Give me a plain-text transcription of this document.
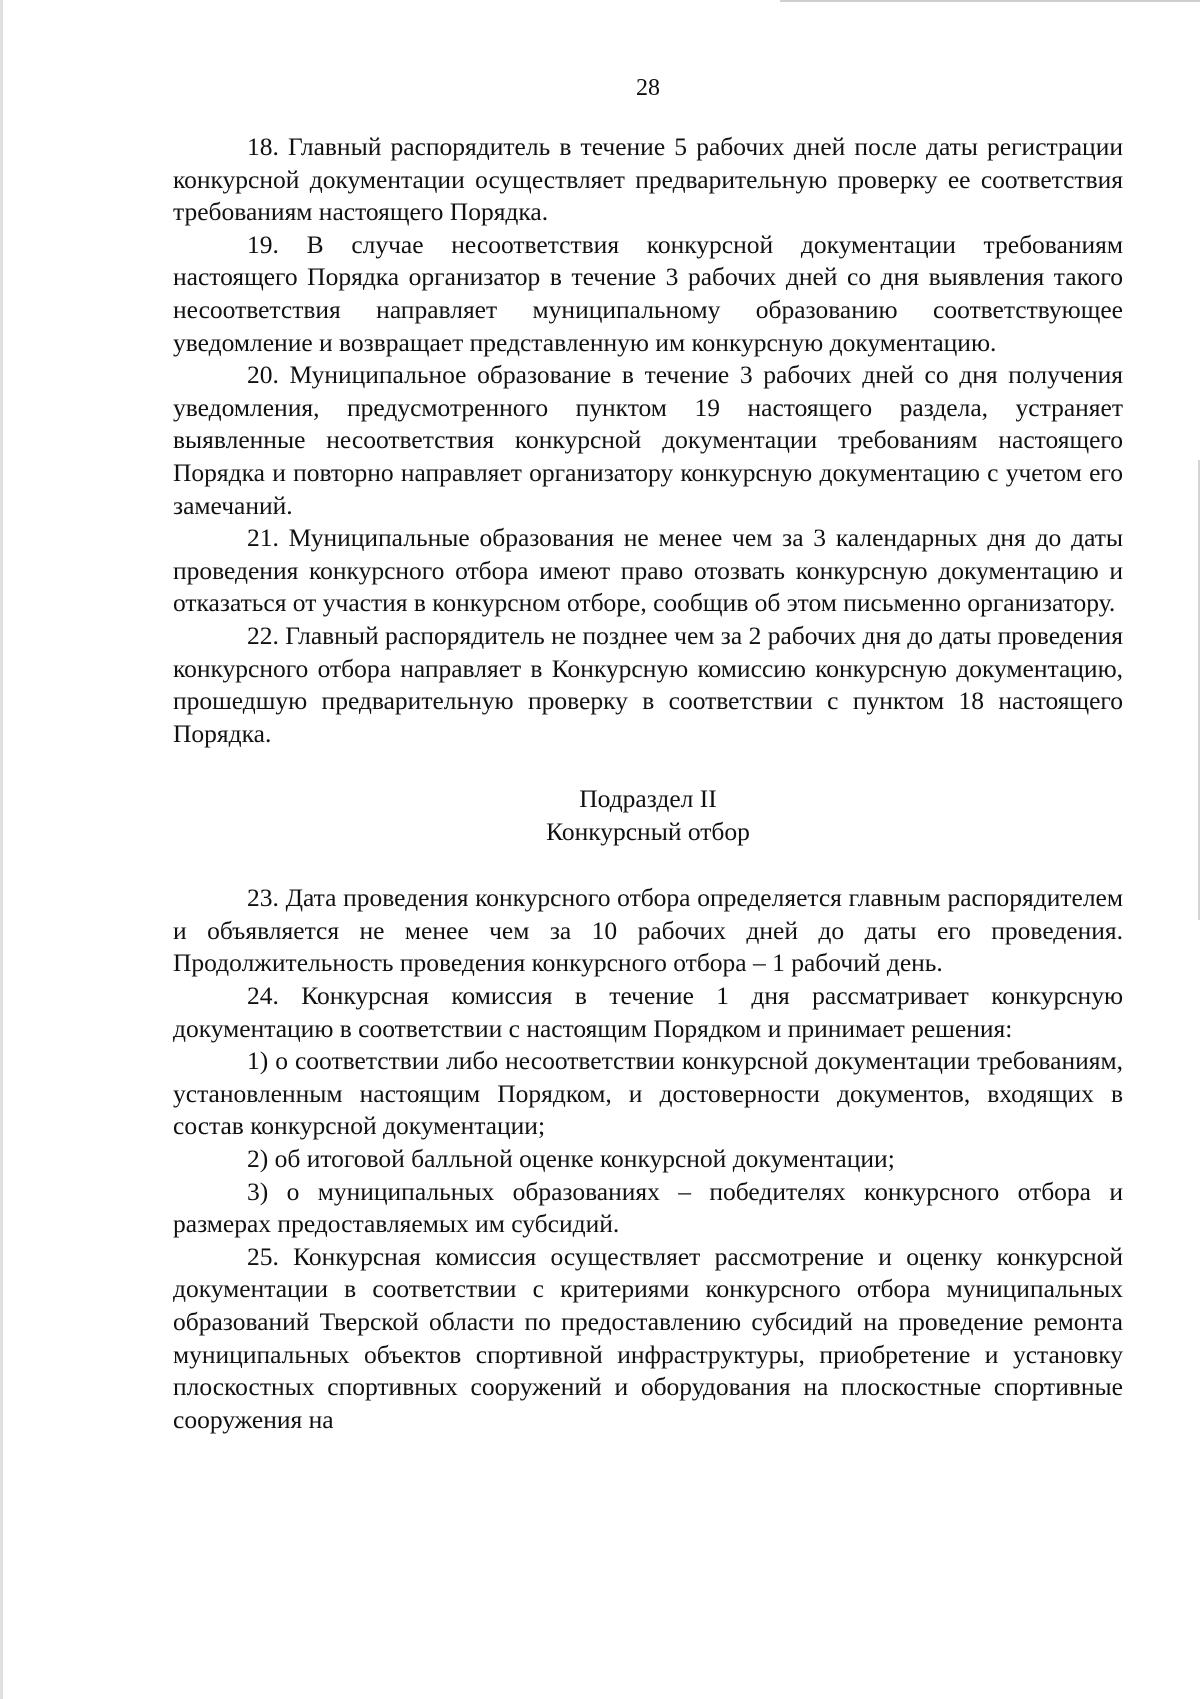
28

18. Главный распорядитель в течение 5 рабочих дней после даты регистрации конкурсной документации осуществляет предварительную проверку ее соответствия требованиям настоящего Порядка.

19. В случае несоответствия конкурсной документации требованиям настоящего Порядка организатор в течение 3 рабочих дней со дня выявления такого несоответствия направляет муниципальному образованию соответствующее уведомление и возвращает представленную им конкурсную документацию.

20. Муниципальное образование в течение 3 рабочих дней со дня получения уведомления, предусмотренного пунктом 19 настоящего раздела, устраняет выявленные несоответствия конкурсной документации требованиям настоящего Порядка и повторно направляет организатору конкурсную документацию с учетом его замечаний.

21. Муниципальные образования не менее чем за 3 календарных дня до даты проведения конкурсного отбора имеют право отозвать конкурсную документацию и отказаться от участия в конкурсном отборе, сообщив об этом письменно организатору.

22. Главный распорядитель не позднее чем за 2 рабочих дня до даты проведения конкурсного отбора направляет в Конкурсную комиссию конкурсную документацию, прошедшую предварительную проверку в соответствии с пунктом 18 настоящего Порядка.

Подраздел II

Конкурсный отбор

23. Дата проведения конкурсного отбора определяется главным распорядителем и объявляется не менее чем за 10 рабочих дней до даты его проведения. Продолжительность проведения конкурсного отбора – 1 рабочий день.

24. Конкурсная комиссия в течение 1 дня рассматривает конкурсную документацию в соответствии с настоящим Порядком и принимает решения:

1) о соответствии либо несоответствии конкурсной документации требованиям, установленным настоящим Порядком, и достоверности документов, входящих в состав конкурсной документации;

2) об итоговой балльной оценке конкурсной документации;

3) о муниципальных образованиях – победителях конкурсного отбора и размерах предоставляемых им субсидий.

25. Конкурсная комиссия осуществляет рассмотрение и оценку конкурсной документации в соответствии с критериями конкурсного отбора муниципальных образований Тверской области по предоставлению субсидий на проведение ремонта муниципальных объектов спортивной инфраструктуры, приобретение и установку плоскостных спортивных сооружений и оборудования на плоскостные спортивные сооружения на
